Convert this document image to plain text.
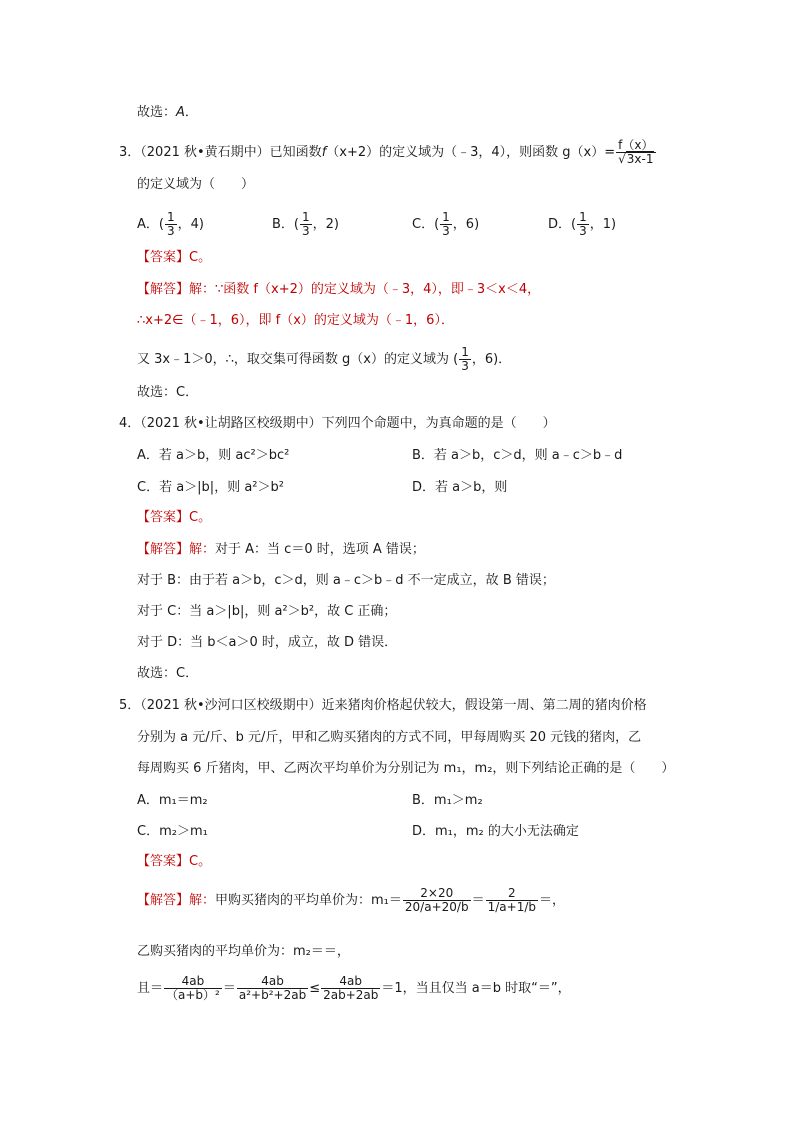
故选：A．
3．（2021 秋•黄石期中）已知函数f（x+2）的定义域为（﹣3，4），则函数 $g(x)= \frac{f(x)}{√3x-1}$
的定义域为（　　）
A．( $\frac{1}{3}$ ，4)	B．( $\frac{1}{3}$ ，2)	C．( $\frac{1}{3}$ ，6)	D．( $\frac{1}{3}$ ，1)
【答案】C。
【解答】解：∵函数 f（x+2）的定义域为（﹣3，4），即﹣3＜x＜4，
∴x+2∈（﹣1，6），即 f（x）的定义域为（﹣1，6）．
又 3x﹣1＞0，∴，取交集可得函数 g（x）的定义域为 ( $\frac{1}{3}$ ，6)．
故选：C．
4．（2021 秋•让胡路区校级期中）下列四个命题中，为真命题的是（　　）
A．若 a＞b，则 ac²＞bc²	B．若 a＞b，c＞d，则 a﹣c＞b﹣d
C．若 a＞|b|，则 a²＞b²	D．若 a＞b，则
【答案】C。
【解答】解：对于 A：当 c＝0 时，选项 A 错误；
对于 B：由于若 a＞b，c＞d，则 a﹣c＞b﹣d 不一定成立，故 B 错误；
对于 C：当 a＞|b|，则 a²＞b²，故 C 正确；
对于 D：当 b＜a＞0 时，成立，故 D 错误．
故选：C．
5．（2021 秋•沙河口区校级期中）近来猪肉价格起伏较大，假设第一周、第二周的猪肉价格
分别为 a 元/斤、b 元/斤，甲和乙购买猪肉的方式不同，甲每周购买 20 元钱的猪肉，乙
每周购买 6 斤猪肉，甲、乙两次平均单价为分别记为 m₁，m₂，则下列结论正确的是（　　）
A．m₁＝m₂	B．m₁＞m₂
C．m₂＞m₁	D．m₁，m₂ 的大小无法确定
【答案】C。
【解答】解：甲购买猪肉的平均单价为：$m_1= \frac{2\times 20}{20/a+20/b} = \frac{2}{1/a+1/b}$ ＝，
乙购买猪肉的平均单价为：m₂＝＝，
且＝ $\frac{4ab}{\text{（a+b）²}} = \frac{4ab}{\text{a²+b²+2ab}} \le \frac{4ab}{2ab+2ab} =1$，当且仅当 a＝b 时取“＝”，
